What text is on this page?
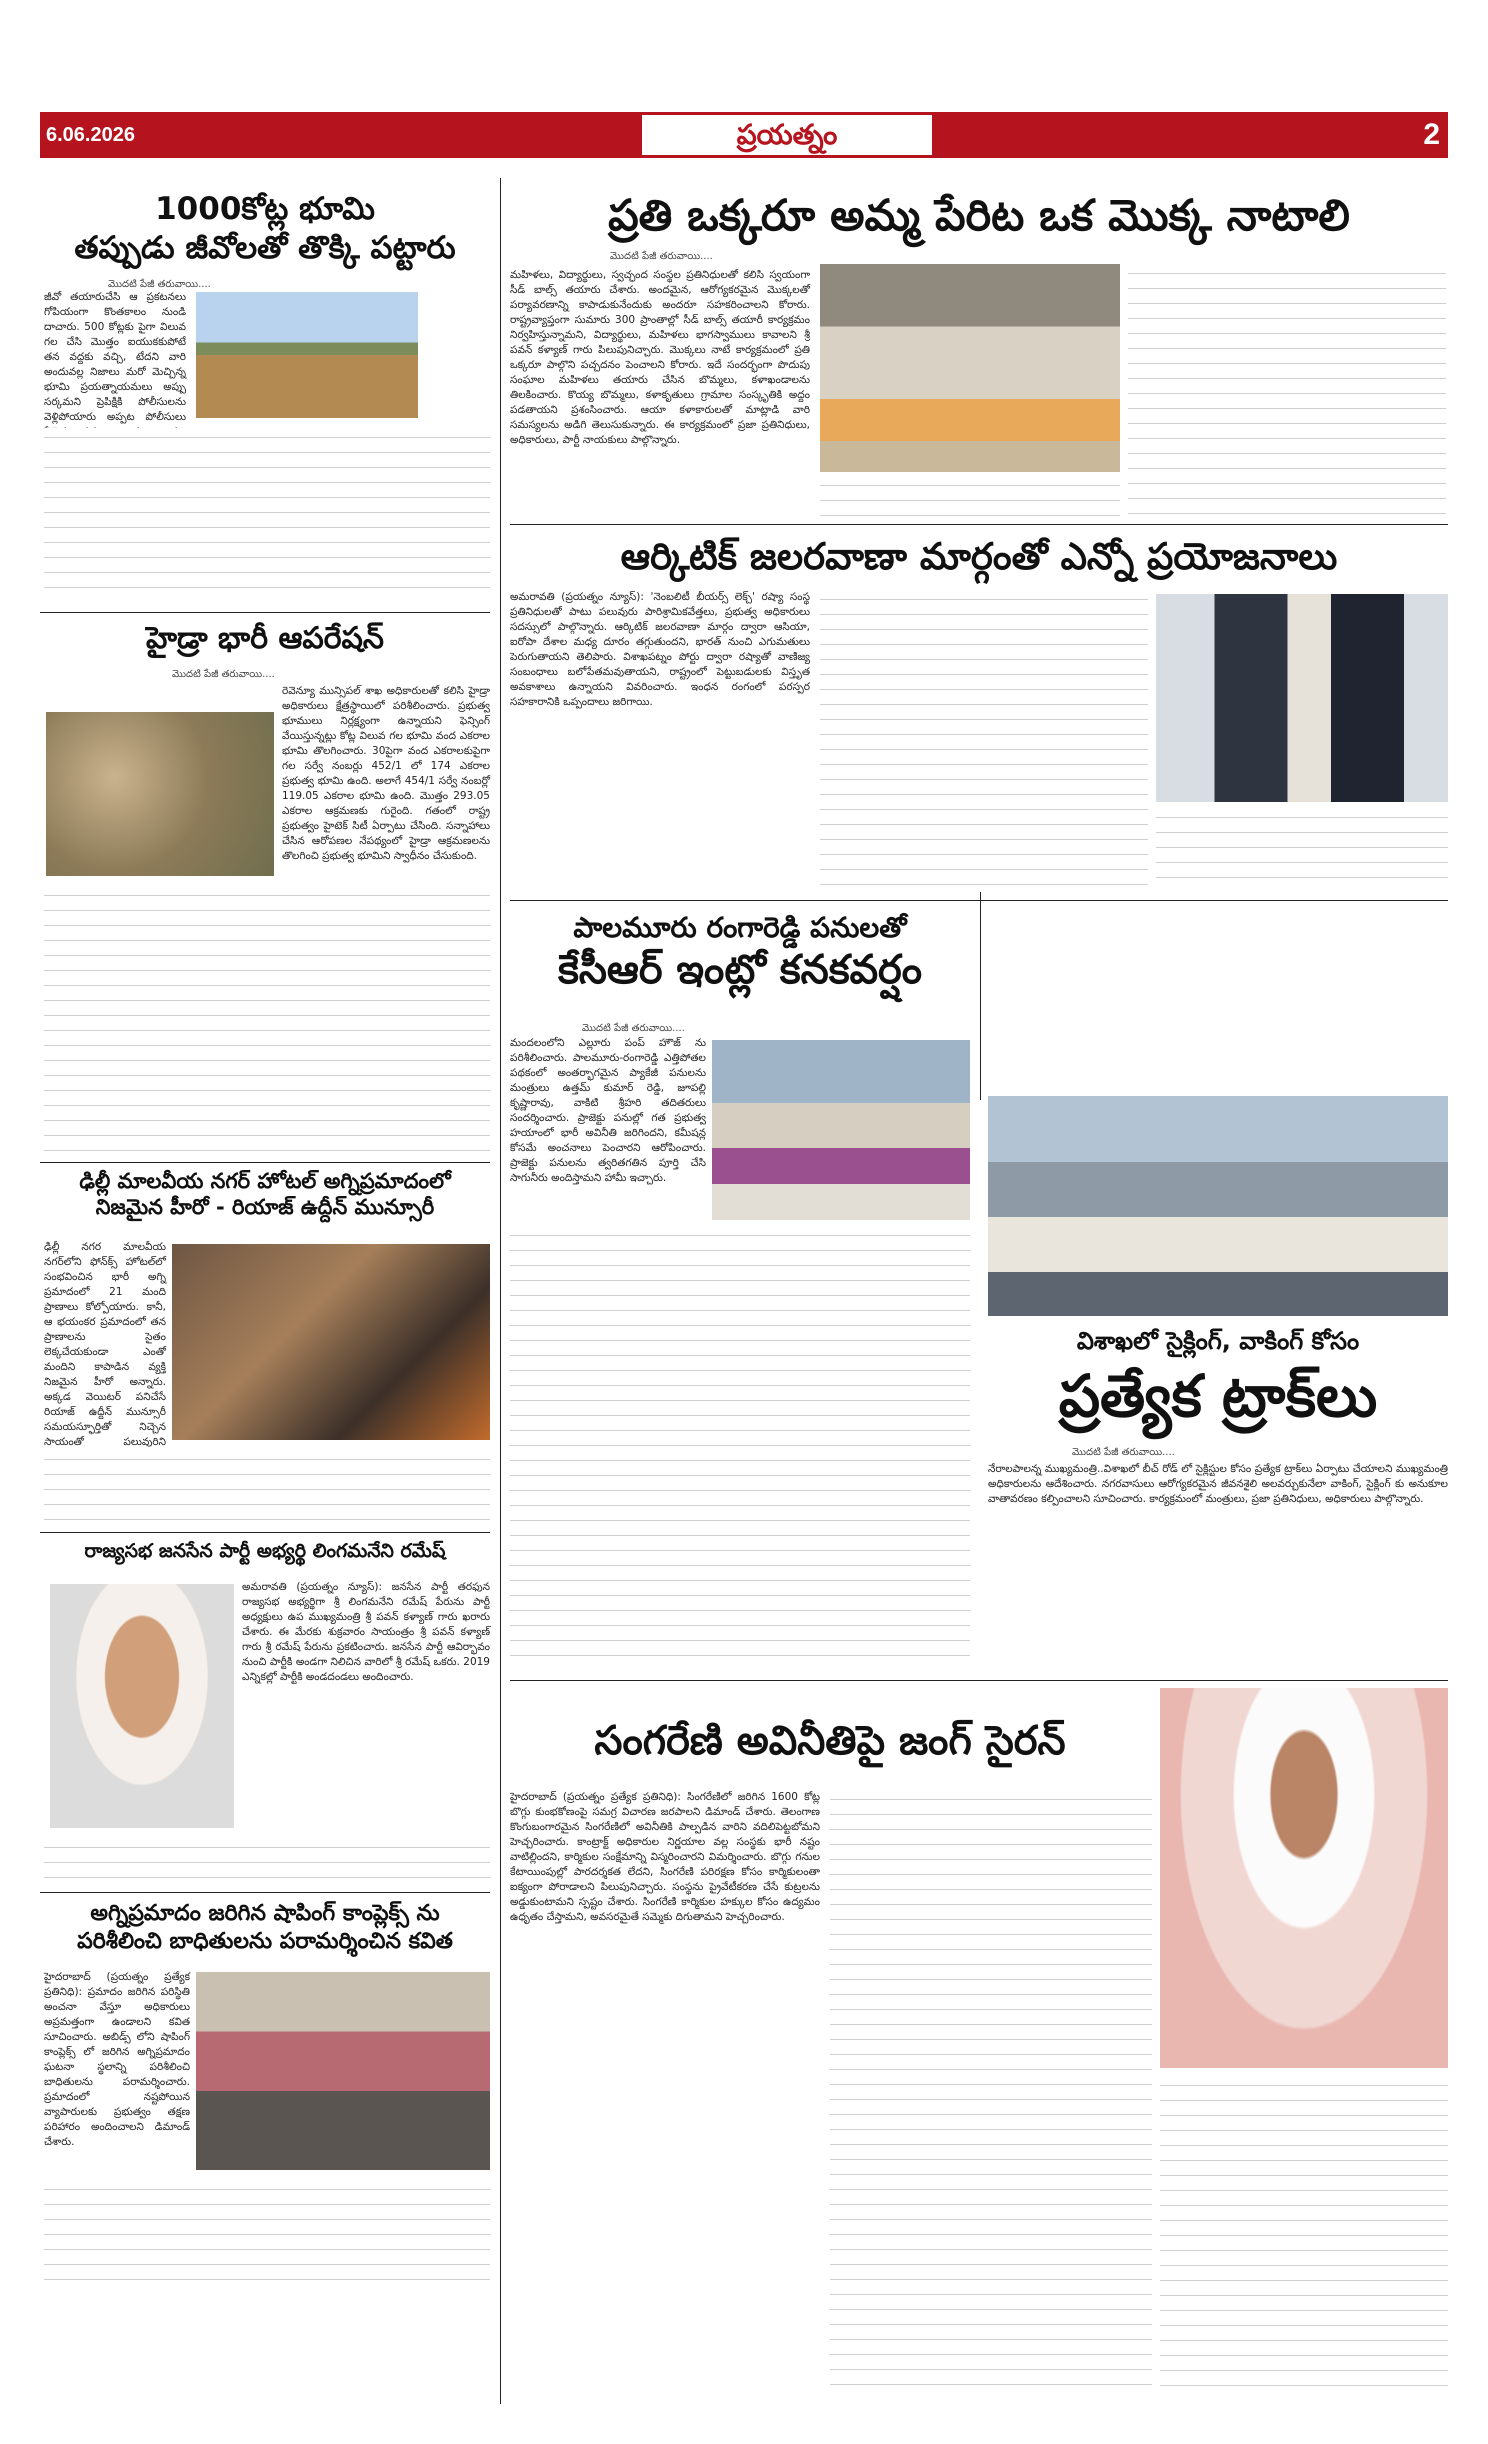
6.06.2026	ప్రయత్నం	2
1000కోట్ల భూమి
తప్పుడు జీవోలతో తొక్కి పట్టారు
మొదటి పేజీ తరువాయి....
జీవో తయారుచేసి ఆ ప్రకటనలు గోపియంగా కొంతకాలం నుండి దాచారు. 500 కోట్లకు పైగా విలువ గల చేసి మొత్తం ఐయుకకుపోటే తన వద్దకు వచ్చి, టేదని వారి అందువల్ల నిజాలు మరో మెచ్చిన్న భూమి ప్రయత్నాయమలు అప్పు సర్కమని ప్రెపిక్షికి పోలీసులను వెళ్లిపోయారు అప్పట పోలీసులు
హైడ్రా భారీ ఆపరేషన్
మొదటి పేజీ తరువాయి....
రెవెన్యూ మున్సిపల్ శాఖ అధికారులతో కలిసి హైడ్రా అధికారులు క్షేత్రస్థాయిలో పరిశీలించారు. ప్రభుత్వ భూములు నిర్లక్ష్యంగా ఉన్నాయని ఫెన్సింగ్ వేయిస్తున్నట్లు కోట్ల విలువ గల భూమి వంద ఎకరాల భూమి తొలగించారు. 30పైగా వంద ఎకరాలకుపైగా గల సర్వే నంబర్లు 452/1 లో 174 ఎకరాల ప్రభుత్వ భూమి ఉంది. అలాగే 454/1 సర్వే నంబర్లో 119.05 ఎకరాల భూమి ఉంది. మొత్తం 293.05 ఎకరాల ఆక్రమణకు గురైంది. గతంలో రాష్ట్ర ప్రభుత్వం హైటెక్ సిటీ ఏర్పాటు చేసింది. సన్నాహాలు చేసిన ఆరోపణల నేపథ్యంలో హైడ్రా ఆక్రమణలను తొలగించి ప్రభుత్వ భూమిని స్వాధీనం చేసుకుంది.
ఢిల్లీ మాలవీయ నగర్ హోటల్ అగ్నిప్రమాదంలో
నిజమైన హీరో - రియాజ్ ఉద్దీన్ మున్సూరీ
ఢిల్లీ నగర మాలవీయ నగర్‌లోని ఫోన్‌క్స్ హోటల్‌లో సంభవించిన భారీ అగ్ని ప్రమాదంలో 21 మంది ప్రాణాలు కోల్పోయారు. కానీ, ఆ భయంకర ప్రమాదంలో తన ప్రాణాలను సైతం లెక్కచేయకుండా ఎంతో మందిని కాపాడిన వ్యక్తి నిజమైన హీరో అన్నారు. అక్కడ వెయిటర్ పనిచేసే రియాజ్ ఉద్దీన్ మున్సూరీ సమయస్ఫూర్తితో నిచ్చెన సాయంతో పలువురిని
రాజ్యసభ జనసేన పార్టీ అభ్యర్థి లింగమనేని రమేష్
అమరావతి (ప్రయత్నం న్యూస్): జనసేన పార్టీ తరఫున రాజ్యసభ అభ్యర్థిగా శ్రీ లింగమనేని రమేష్ పేరును పార్టీ అధ్యక్షులు ఉప ముఖ్యమంత్రి శ్రీ పవన్ కళ్యాణ్ గారు ఖరారు చేశారు. ఈ మేరకు శుక్రవారం సాయంత్రం శ్రీ పవన్ కళ్యాణ్ గారు శ్రీ రమేష్ పేరును ప్రకటించారు. జనసేన పార్టీ ఆవిర్భావం నుంచి పార్టీకి అండగా నిలిచిన వారిలో శ్రీ రమేష్ ఒకరు. 2019 ఎన్నికల్లో పార్టీకి అండదండలు అందించారు.
అగ్నిప్రమాదం జరిగిన షాపింగ్ కాంప్లెక్స్ ను
పరిశీలించి బాధితులను పరామర్శించిన కవిత
హైదరాబాద్ (ప్రయత్నం ప్రత్యేక ప్రతినిధి): ప్రమాదం జరిగిన పరిస్థితి అంచనా వేస్తూ అధికారులు అప్రమత్తంగా ఉండాలని కవిత సూచించారు. అబిడ్స్ లోని షాపింగ్ కాంప్లెక్స్ లో జరిగిన అగ్నిప్రమాదం ఘటనా స్థలాన్ని పరిశీలించి బాధితులను పరామర్శించారు. ప్రమాదంలో నష్టపోయిన వ్యాపారులకు ప్రభుత్వం తక్షణ పరిహారం అందించాలని డిమాండ్ చేశారు.
ప్రతి ఒక్కరూ అమ్మ పేరిట ఒక మొక్క నాటాలి
మొదటి పేజీ తరువాయి....
మహిళలు, విద్యార్థులు, స్వచ్ఛంద సంస్థల ప్రతినిధులతో కలిసి స్వయంగా సీడ్ బాల్స్ తయారు చేశారు. అందమైన, ఆరోగ్యకరమైన మొక్కలతో పర్యావరణాన్ని కాపాడుకునేందుకు అందరూ సహకరించాలని కోరారు. రాష్ట్రవ్యాప్తంగా సుమారు 300 ప్రాంతాల్లో సీడ్ బాల్స్ తయారీ కార్యక్రమం నిర్వహిస్తున్నామని, విద్యార్థులు, మహిళలు భాగస్వాములు కావాలని శ్రీ పవన్ కళ్యాణ్ గారు పిలుపునిచ్చారు. మొక్కలు నాటే కార్యక్రమంలో ప్రతి ఒక్కరూ పాల్గొని పచ్చదనం పెంచాలని కోరారు. ఇదే సందర్భంగా పొదుపు సంఘాల మహిళలు తయారు చేసిన బొమ్మలు, కళాఖండాలను తిలకించారు. కొయ్య బొమ్మలు, కళాకృతులు గ్రామాల సంస్కృతికి అద్దం పడతాయని ప్రశంసించారు. ఆయా కళాకారులతో మాట్లాడి వారి సమస్యలను అడిగి తెలుసుకున్నారు. ఈ కార్యక్రమంలో ప్రజా ప్రతినిధులు, అధికారులు, పార్టీ నాయకులు పాల్గొన్నారు.
ఆర్కిటిక్ జలరవాణా మార్గంతో ఎన్నో ప్రయోజనాలు
అమరావతి (ప్రయత్నం న్యూస్): 'నెంబలిటీ బీయర్స్ లెక్చ్' రష్యా సంస్థ ప్రతినిధులతో పాటు పలువురు పారిశ్రామికవేత్తలు, ప్రభుత్వ అధికారులు సదస్సులో పాల్గొన్నారు. ఆర్కిటిక్ జలరవాణా మార్గం ద్వారా ఆసియా, ఐరోపా దేశాల మధ్య దూరం తగ్గుతుందని, భారత్ నుంచి ఎగుమతులు పెరుగుతాయని తెలిపారు. విశాఖపట్నం పోర్టు ద్వారా రష్యాతో వాణిజ్య సంబంధాలు బలోపేతమవుతాయని, రాష్ట్రంలో పెట్టుబడులకు విస్తృత అవకాశాలు ఉన్నాయని వివరించారు. ఇంధన రంగంలో పరస్పర సహకారానికి ఒప్పందాలు జరిగాయి.
పాలమూరు రంగారెడ్డి పనులతో
కేసీఆర్ ఇంట్లో కనకవర్షం
మొదటి పేజీ తరువాయి....
మందలంలోని ఎల్లూరు పంప్ హౌజ్ ను పరిశీలించారు. పాలమూరు-రంగారెడ్డి ఎత్తిపోతల పథకంలో అంతర్భాగమైన ప్యాకేజీ పనులను మంత్రులు ఉత్తమ్ కుమార్ రెడ్డి, జూపల్లి కృష్ణారావు, వాకిటి శ్రీహరి తదితరులు సందర్శించారు. ప్రాజెక్టు పనుల్లో గత ప్రభుత్వ హయాంలో భారీ అవినీతి జరిగిందని, కమీషన్ల కోసమే అంచనాలు పెంచారని ఆరోపించారు. ప్రాజెక్టు పనులను త్వరితగతిన పూర్తి చేసి సాగునీరు అందిస్తామని హామీ ఇచ్చారు.
విశాఖలో సైక్లింగ్, వాకింగ్ కోసం
ప్రత్యేక ట్రాక్‌లు
మొదటి పేజీ తరువాయి....
నేరాలపాలన్న ముఖ్యమంత్రి..విశాఖలో బీచ్ రోడ్ లో సైక్లిస్టుల కోసం ప్రత్యేక ట్రాక్‌లు ఏర్పాటు చేయాలని ముఖ్యమంత్రి అధికారులను ఆదేశించారు. నగరవాసులు ఆరోగ్యకరమైన జీవనశైలి అలవర్చుకునేలా వాకింగ్, సైక్లింగ్ కు అనుకూల వాతావరణం కల్పించాలని సూచించారు. కార్యక్రమంలో మంత్రులు, ప్రజా ప్రతినిధులు, అధికారులు పాల్గొన్నారు.
సంగరేణి అవినీతిపై జంగ్ సైరన్
హైదరాబాద్ (ప్రయత్నం ప్రత్యేక ప్రతినిధి): సింగరేణిలో జరిగిన 1600 కోట్ల బొగ్గు కుంభకోణంపై సమగ్ర విచారణ జరపాలని డిమాండ్ చేశారు. తెలంగాణ కొంగుబంగారమైన సింగరేణిలో అవినీతికి పాల్పడిన వారిని వదిలిపెట్టబోమని హెచ్చరించారు. కాంట్రాక్ట్ అధికారుల నిర్ణయాల వల్ల సంస్థకు భారీ నష్టం వాటిల్లిందని, కార్మికుల సంక్షేమాన్ని విస్మరించారని విమర్శించారు. బొగ్గు గనుల కేటాయింపుల్లో పారదర్శకత లేదని, సింగరేణి పరిరక్షణ కోసం కార్మికులంతా ఐక్యంగా పోరాడాలని పిలుపునిచ్చారు. సంస్థను ప్రైవేటీకరణ చేసే కుట్రలను అడ్డుకుంటామని స్పష్టం చేశారు. సింగరేణి కార్మికుల హక్కుల కోసం ఉద్యమం ఉధృతం చేస్తామని, అవసరమైతే సమ్మెకు దిగుతామని హెచ్చరించారు.
